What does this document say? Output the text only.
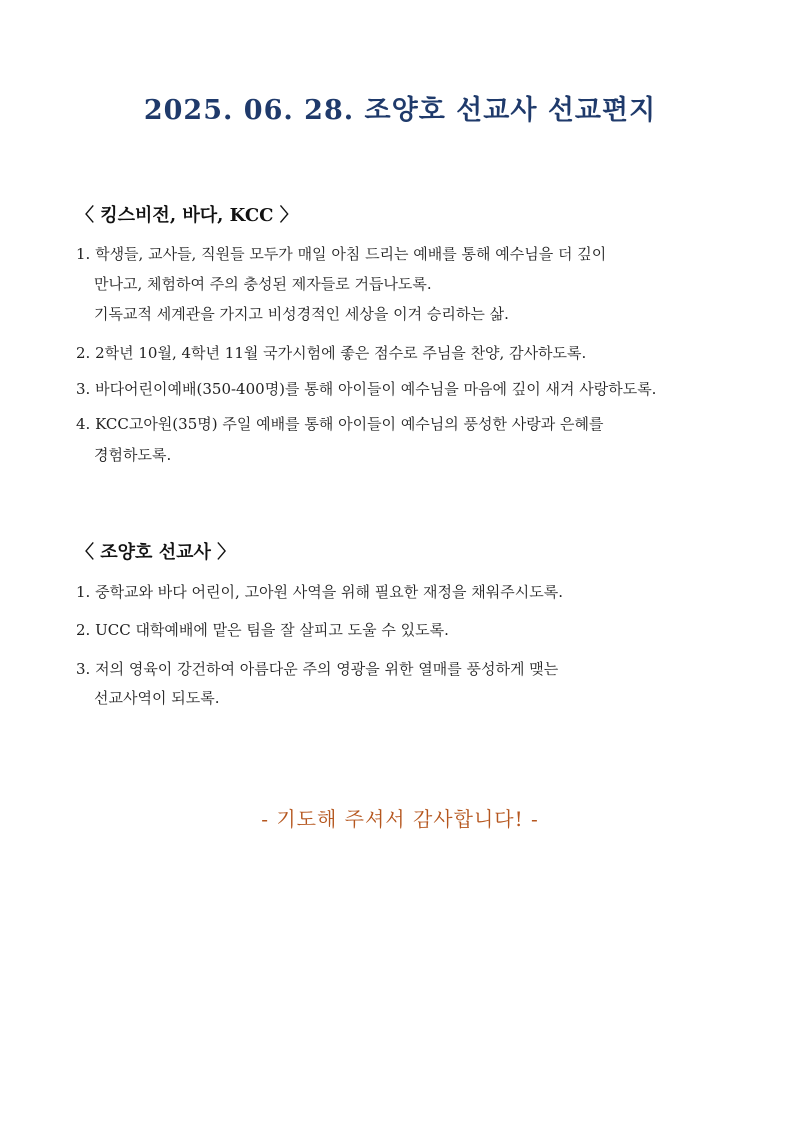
2025. 06. 28. 조양호 선교사 선교편지
〈 킹스비전, 바다, KCC 〉
1. 학생들, 교사들, 직원들 모두가 매일 아침 드리는 예배를 통해 예수님을 더 깊이
만나고, 체험하여 주의 충성된 제자들로 거듭나도록.
기독교적 세계관을 가지고 비성경적인 세상을 이겨 승리하는 삶.
2. 2학년 10월, 4학년 11월 국가시험에 좋은 점수로 주님을 찬양, 감사하도록.
3. 바다어린이예배(350-400명)를 통해 아이들이 예수님을 마음에 깊이 새겨 사랑하도록.
4. KCC고아원(35명) 주일 예배를 통해 아이들이 예수님의 풍성한 사랑과 은혜를
경험하도록.
〈 조양호 선교사 〉
1. 중학교와 바다 어린이, 고아원 사역을 위해 필요한 재정을 채워주시도록.
2. UCC 대학예배에 맡은 팀을 잘 살피고 도울 수 있도록.
3. 저의 영육이 강건하여 아름다운 주의 영광을 위한 열매를 풍성하게 맺는
선교사역이 되도록.
- 기도해 주셔서 감사합니다! -
